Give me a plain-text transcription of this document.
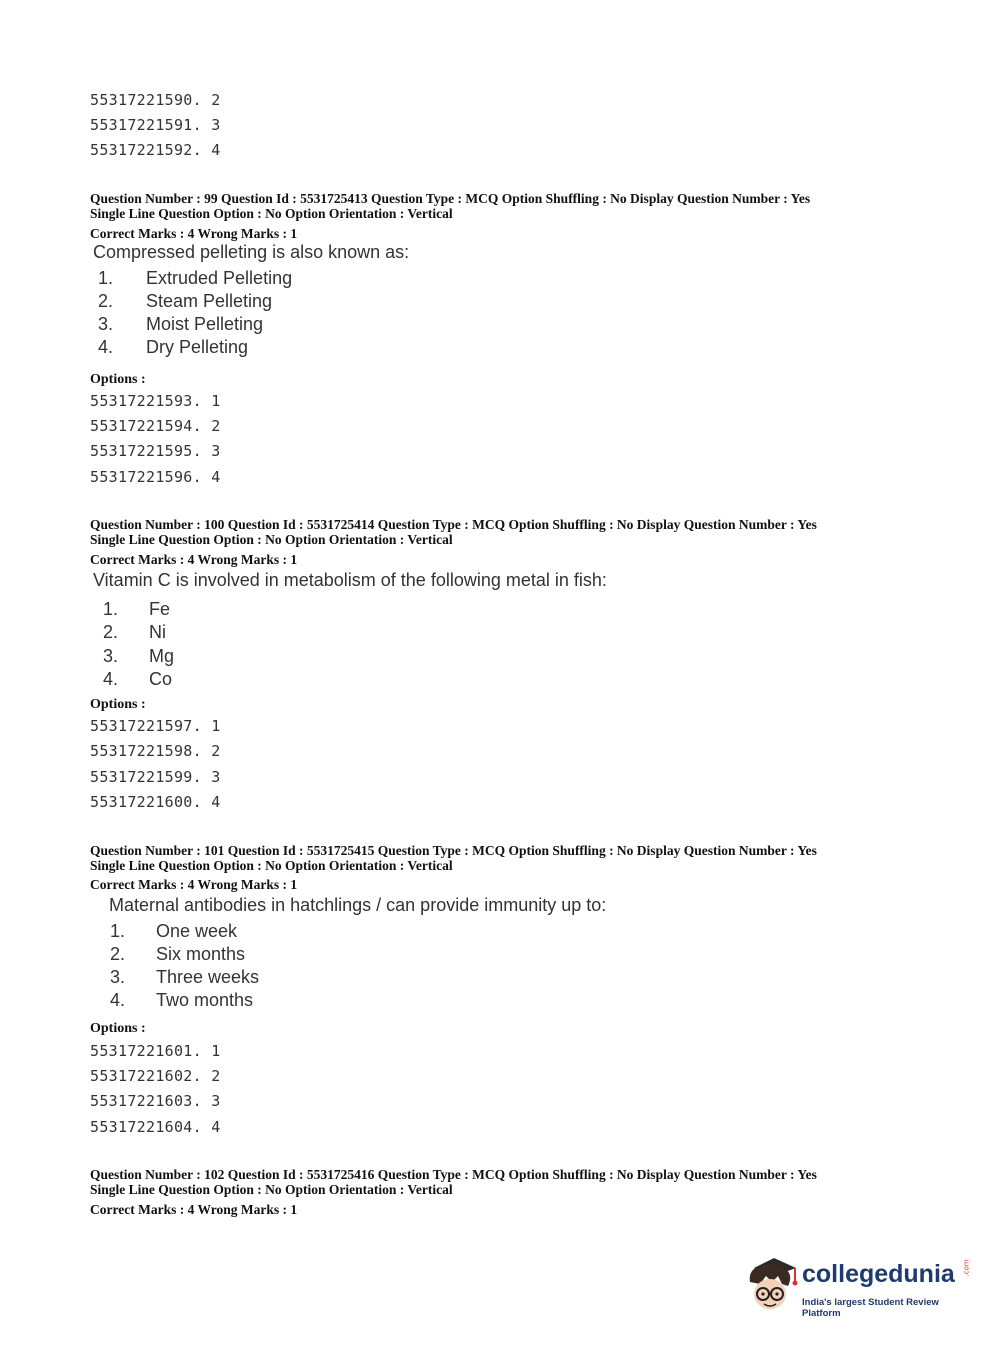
55317221590. 2
55317221591. 3
55317221592. 4
Question Number : 99 Question Id : 5531725413 Question Type : MCQ Option Shuffling : No Display Question Number : Yes
Single Line Question Option : No Option Orientation : Vertical
Correct Marks : 4 Wrong Marks : 1
Compressed pelleting is also known as:
1. Extruded Pelleting
2. Steam Pelleting
3. Moist Pelleting
4. Dry Pelleting
Options :
55317221593. 1
55317221594. 2
55317221595. 3
55317221596. 4
Question Number : 100 Question Id : 5531725414 Question Type : MCQ Option Shuffling : No Display Question Number : Yes
Single Line Question Option : No Option Orientation : Vertical
Correct Marks : 4 Wrong Marks : 1
Vitamin C is involved in metabolism of the following metal in fish:
1. Fe
2. Ni
3. Mg
4. Co
Options :
55317221597. 1
55317221598. 2
55317221599. 3
55317221600. 4
Question Number : 101 Question Id : 5531725415 Question Type : MCQ Option Shuffling : No Display Question Number : Yes
Single Line Question Option : No Option Orientation : Vertical
Correct Marks : 4 Wrong Marks : 1
Maternal antibodies in hatchlings / can provide immunity up to:
1. One week
2. Six months
3. Three weeks
4. Two months
Options :
55317221601. 1
55317221602. 2
55317221603. 3
55317221604. 4
Question Number : 102 Question Id : 5531725416 Question Type : MCQ Option Shuffling : No Display Question Number : Yes
Single Line Question Option : No Option Orientation : Vertical
Correct Marks : 4 Wrong Marks : 1
collegedunia .com
India's largest Student Review Platform
